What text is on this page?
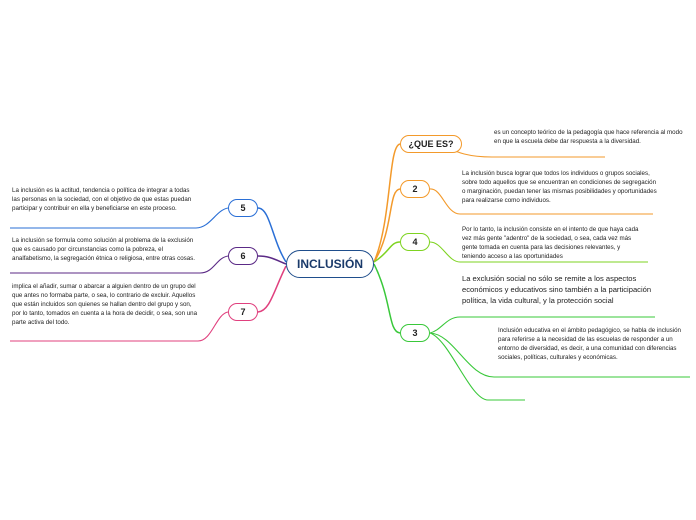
INCLUSIÓN
¿QUE ES?
2
4
3
5
6
7
es un concepto teórico de la pedagogía que hace referencia al modo en que la escuela debe dar respuesta a la diversidad.
La inclusión busca lograr que todos los individuos o grupos sociales, sobre todo aquellos que se encuentran en condiciones de segregación o marginación, puedan tener las mismas posibilidades y oportunidades para realizarse como individuos.
Por lo tanto, la inclusión consiste en el intento de que haya cada vez más gente "adentro" de la sociedad, o sea, cada vez más gente tomada en cuenta para las decisiones relevantes, y teniendo acceso a las oportunidades
La exclusión social no sólo se remite a los aspectos económicos y educativos sino también a la participación política, la vida cultural, y la protección social
Inclusión educativa en el ámbito pedagógico, se habla de inclusión para referirse a la necesidad de las escuelas de responder a un entorno de diversidad, es decir, a una comunidad con diferencias sociales, políticas, culturales y económicas.
La inclusión es la actitud, tendencia o política de integrar a todas las personas en la sociedad, con el objetivo de que estas puedan participar y contribuir en ella y beneficiarse en este proceso.
La inclusión se formula como solución al problema de la exclusión que es causado por circunstancias como la pobreza, el analfabetismo, la segregación étnica o religiosa, entre otras cosas.
implica el añadir, sumar o abarcar a alguien dentro de un grupo del que antes no formaba parte, o sea, lo contrario de excluir. Aquellos que están incluidos son quienes se hallan dentro del grupo y son, por lo tanto, tomados en cuenta a la hora de decidir, o sea, son una parte activa del todo.
